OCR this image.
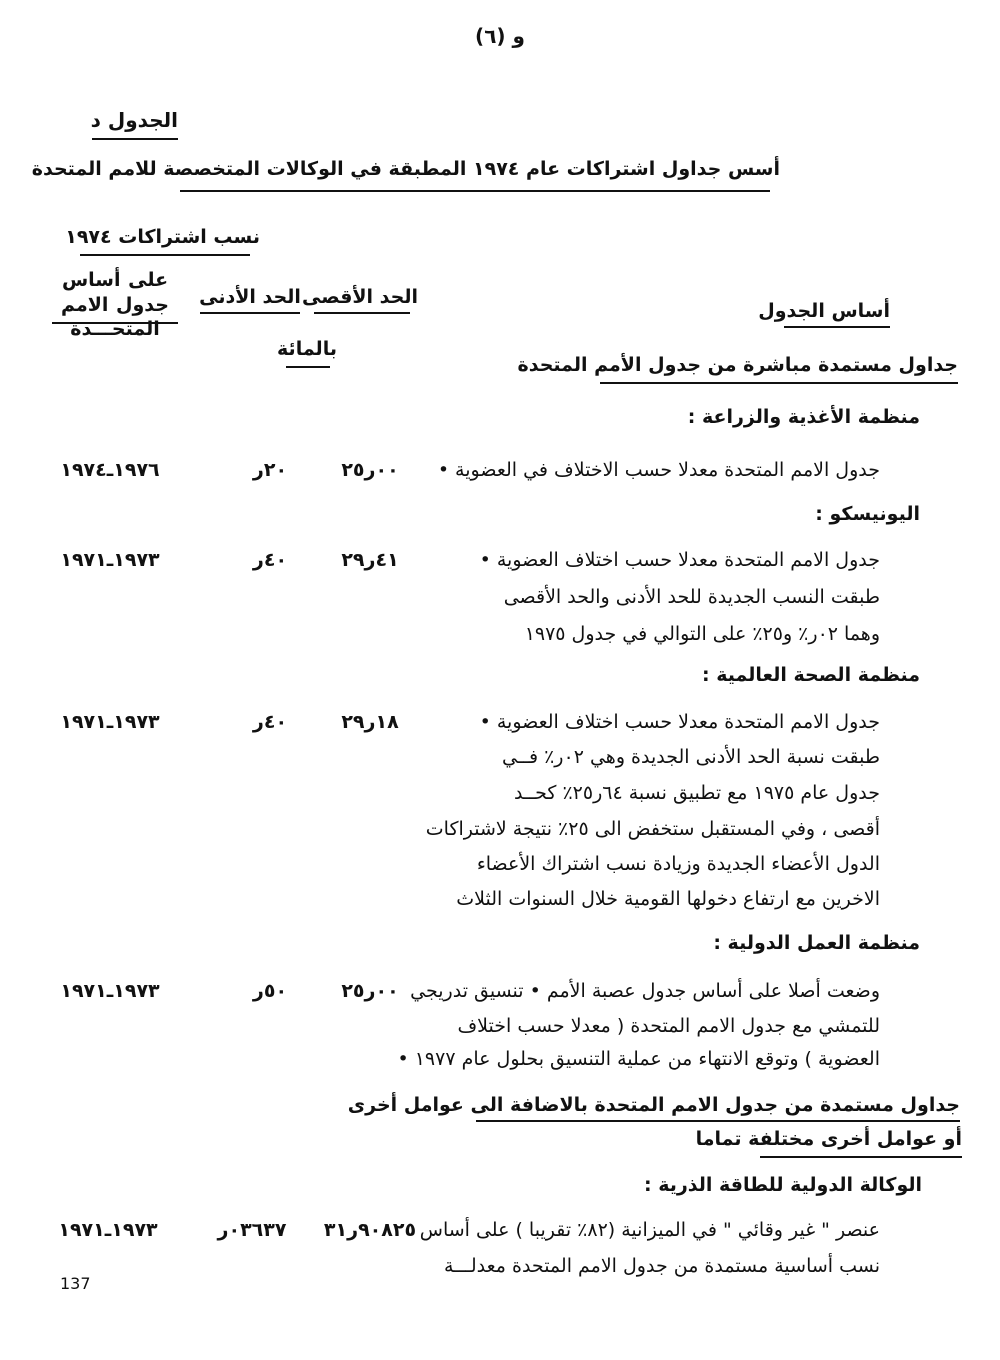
و (٦)
الجدول د
أسس جداول اشتراكات عام ١٩٧٤ المطبقة في الوكالات المتخصصة للامم المتحدة
نسب اشتراكات ١٩٧٤
على أساس جدول الامم المتحـــدة
الحد الأدنى الحد الأقصى
أساس الجدول
بالمائة
جداول مستمدة مباشرة من جدول الأمم المتحدة
منظمة الأغذية والزراعة :
جدول الامم المتحدة معدلا حسب الاختلاف في العضوية •
٠٠ر٢٥
٢٠ر
١٩٧٦ـ١٩٧٤
اليونيسكو :
جدول الامم المتحدة معدلا حسب اختلاف العضوية •
طبقت النسب الجديدة للحد الأدنى والحد الأقصى
وهما ٠٢ر٪ و٢٥٪ على التوالي في جدول ١٩٧٥
٤١ر٢٩
٤٠ر
١٩٧٣ـ١٩٧١
منظمة الصحة العالمية :
جدول الامم المتحدة معدلا حسب اختلاف العضوية •
طبقت نسبة الحد الأدنى الجديدة وهي ٠٢ر٪ فــي
جدول عام ١٩٧٥ مع تطبيق نسبة ٦٤ر٢٥٪ كحــد
أقصى ، وفي المستقبل ستخفض الى ٢٥٪ نتيجة لاشتراكات
الدول الأعضاء الجديدة وزيادة نسب اشتراك الأعضاء
الاخرين مع ارتفاع دخولها القومية خلال السنوات الثلاث
١٨ر٢٩
٤٠ر
١٩٧٣ـ١٩٧١
منظمة العمل الدولية :
وضعت أصلا على أساس جدول عصبة الأمم • تنسيق تدريجي
للتمشي مع جدول الامم المتحدة ( معدلا حسب اختلاف
العضوية ) وتوقع الانتهاء من عملية التنسيق بحلول عام ١٩٧٧ •
٠٠ر٢٥
٥٠ر
١٩٧٣ـ١٩٧١
جداول مستمدة من جدول الامم المتحدة بالاضافة الى عوامل أخرى
أو عوامل أخرى مختلفة تماما
الوكالة الدولية للطاقة الذرية :
عنصر " غير وقائي " في الميزانية (٨٢٪ تقريبا ) على أساس
نسب أساسية مستمدة من جدول الامم المتحدة معدلـــة
٩٠٨٢٥ر٣١
٠٣٦٣٧ر
١٩٧٣ـ١٩٧١
137
